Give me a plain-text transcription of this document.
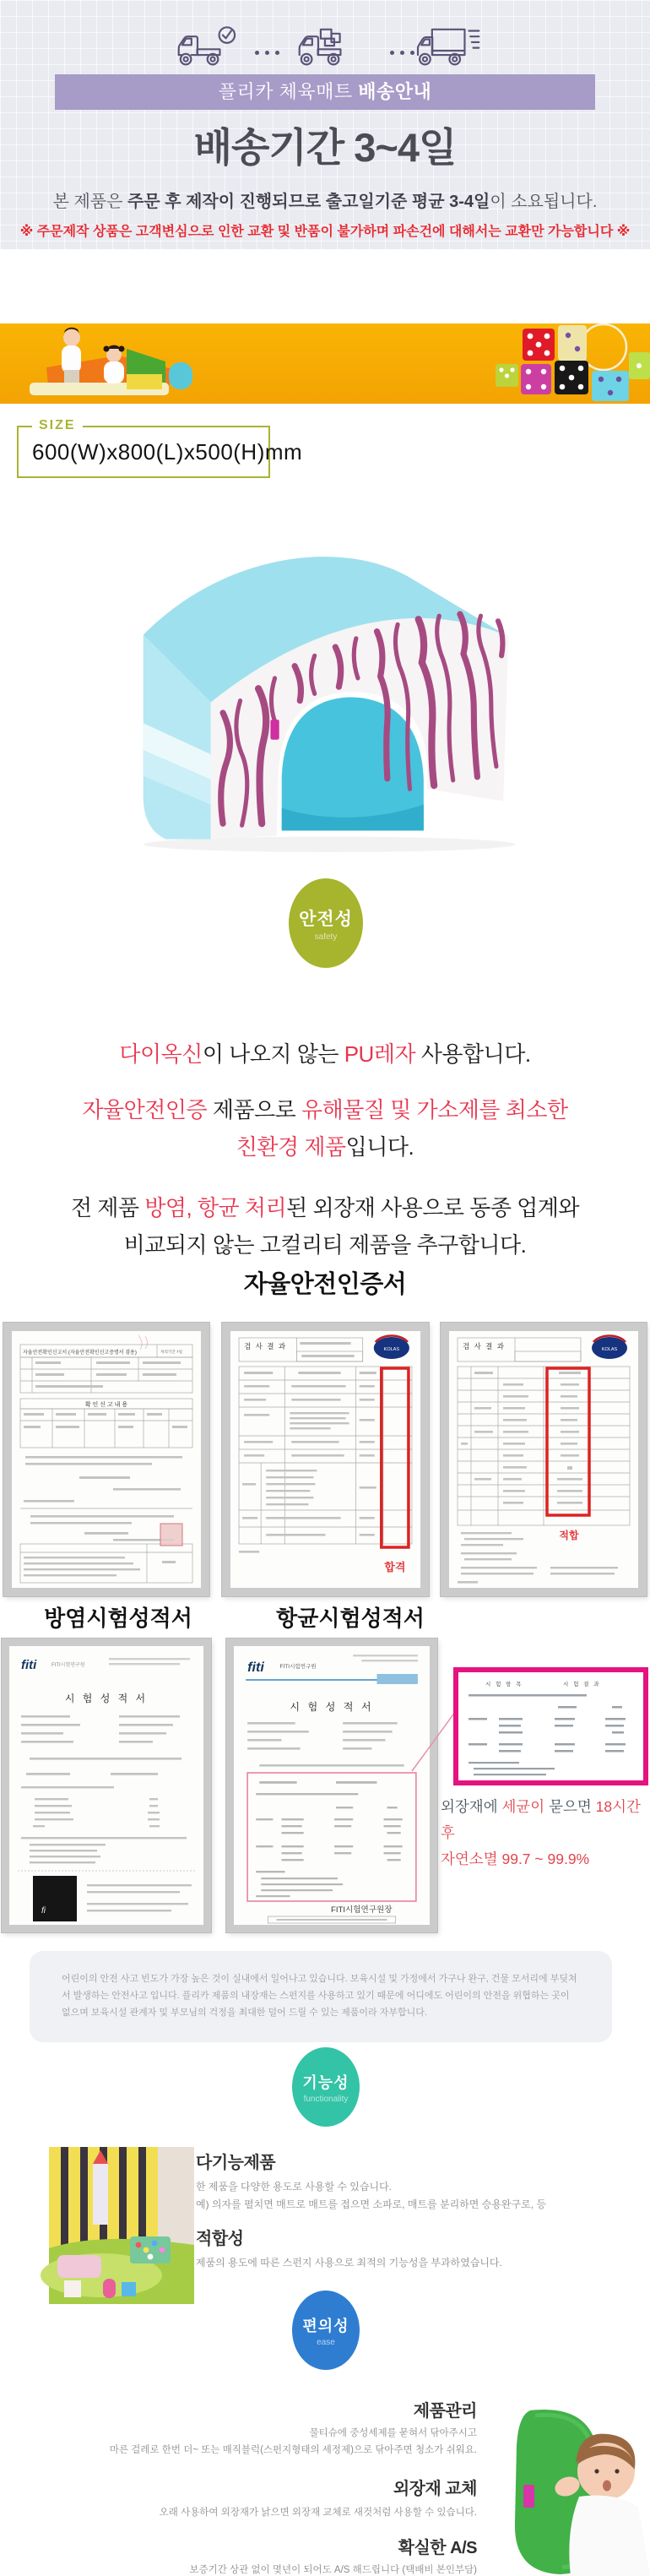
플리카 체육매트 배송안내
배송기간 3~4일
본 제품은 주문 후 제작이 진행되므로 출고일기준 평균 3-4일이 소요됩니다.
※ 주문제작 상품은 고객변심으로 인한 교환 및 반품이 불가하며 파손건에 대해서는 교환만 가능합니다 ※
SIZE
600(W)x800(L)x500(H)mm
안전성
safety
다이옥신이 나오지 않는 PU레자 사용합니다.
자율안전인증 제품으로 유해물질 및 가소제를 최소한
친환경 제품입니다.
전 제품 방염, 항균 처리된 외장재 사용으로 동종 업계와
비교되지 않는 고컬리티 제품을 추구합니다.
자율안전인증서
자율안전확인신고서 (자율안전확인신고증명서 겸용)	처리기간 7일
확 인 신 고 내 용
검 사 결 과	KOLAS
합격
검 사 결 과	KOLAS
적합
방염시험성적서	항균시험성적서
fiti	FITI시험연구원
시 험 성 적 서
fi
fiti	FITI시험연구원
시 험 성 적 서
FITI시험연구원장
시 험 항 목	시 험 결 과
외장재에 세균이 묻으면 18시간 후
자연소멸 99.7 ~ 99.9%
어린이의 안전 사고 빈도가 가장 높은 것이 실내에서 일어나고 있습니다. 보육시설 및 가정에서 가구나 완구, 건물 모서리에 부딪쳐서 발생하는 안전사고 입니다. 플리카 제품의 내장재는 스펀지를 사용하고 있기 때문에 어디에도 어린이의 안전을 위협하는 곳이 없으며 보육시설 관계자 및 부모님의 걱정을 최대한 덜어 드릴 수 있는 제품이라 자부합니다.
기능성
functionality
다기능제품
한 제품을 다양한 용도로 사용할 수 있습니다.
예) 의자를 펼치면 매트로 매트를 접으면 소파로, 매트를 분리하면 승용완구로, 등
적합성
제품의 용도에 따른 스펀지 사용으로 최적의 기능성을 부과하였습니다.
편의성
ease
제품관리
물티슈에 중성세제를 묻혀서 닦아주시고
마른 걸레로 한번 더~ 또는 매직블럭(스펀지형태의 세정제)으로 닦아주면 청소가 쉬워요.
외장재 교체
오래 사용하여 외장재가 낡으면 외장재 교체로 새것처럼 사용할 수 있습니다.
확실한 A/S
보증기간 상관 없이 몇년이 되어도 A/S 해드립니다 (택배비 본인부담)
